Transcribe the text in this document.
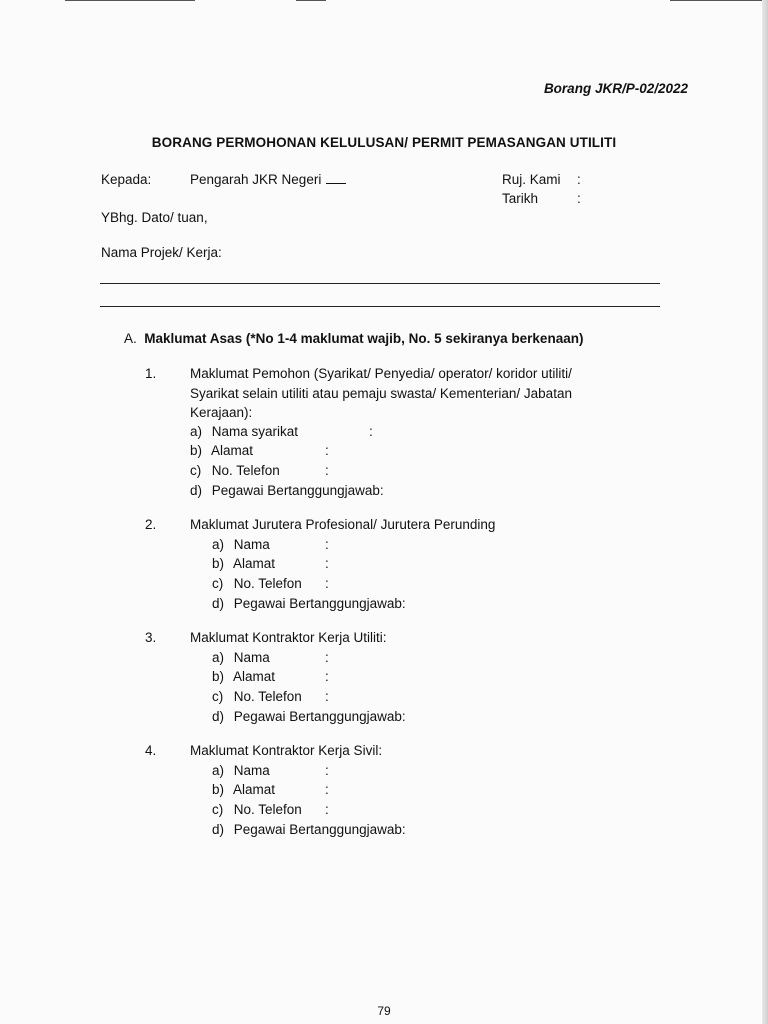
Borang JKR/P-02/2022
BORANG PERMOHONAN KELULUSAN/ PERMIT PEMASANGAN UTILITI
Kepada:	Pengarah JKR Negeri	Ruj. Kami :
Tarikh	:
YBhg. Dato/ tuan,
Nama Projek/ Kerja:
A. Maklumat Asas (*No 1-4 maklumat wajib, No. 5 sekiranya berkenaan)
1. Maklumat Pemohon (Syarikat/ Penyedia/ operator/ koridor utiliti/
Syarikat selain utiliti atau pemaju swasta/ Kementerian/ Jabatan
Kerajaan):
a) Nama syarikat	:
b) Alamat	:
c) No. Telefon	:
d) Pegawai Bertanggungjawab:
2. Maklumat Jurutera Profesional/ Jurutera Perunding
a) Nama	:
b) Alamat	:
c) No. Telefon :
d) Pegawai Bertanggungjawab:
3. Maklumat Kontraktor Kerja Utiliti:
a) Nama	:
b) Alamat	:
c) No. Telefon :
d) Pegawai Bertanggungjawab:
4. Maklumat Kontraktor Kerja Sivil:
a) Nama	:
b) Alamat	:
c) No. Telefon :
d) Pegawai Bertanggungjawab:
79
